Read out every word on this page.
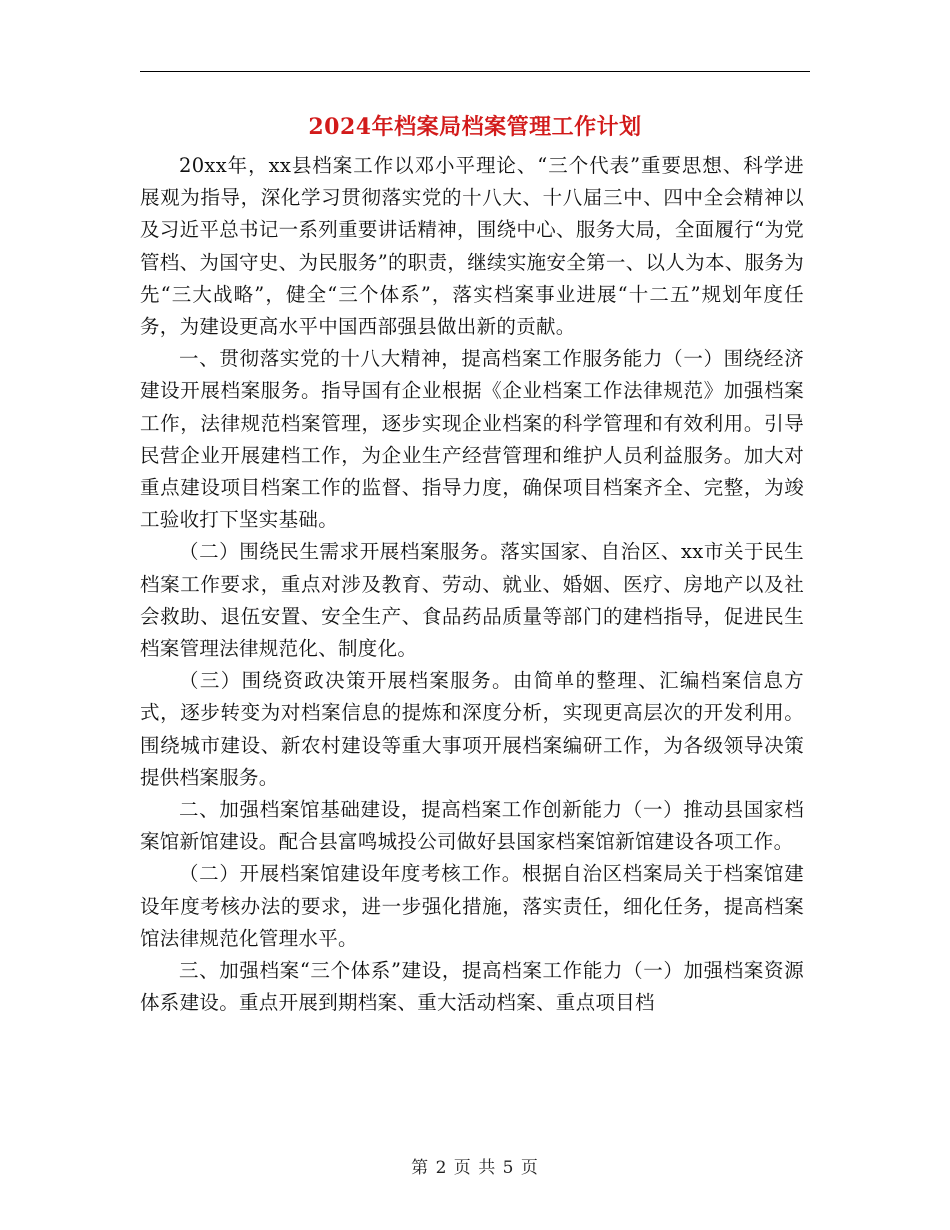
2024年档案局档案管理工作计划

20xx年，xx县档案工作以邓小平理论、“三个代表”重要思想、科学进展观为指导，深化学习贯彻落实党的十八大、十八届三中、四中全会精神以及习近平总书记一系列重要讲话精神，围绕中心、服务大局，全面履行“为党管档、为国守史、为民服务”的职责，继续实施安全第一、以人为本、服务为先“三大战略”，健全“三个体系”，落实档案事业进展“十二五”规划年度任务，为建设更高水平中国西部强县做出新的贡献。

一、贯彻落实党的十八大精神，提高档案工作服务能力（一）围绕经济建设开展档案服务。指导国有企业根据《企业档案工作法律规范》加强档案工作，法律规范档案管理，逐步实现企业档案的科学管理和有效利用。引导民营企业开展建档工作，为企业生产经营管理和维护人员利益服务。加大对重点建设项目档案工作的监督、指导力度，确保项目档案齐全、完整，为竣工验收打下坚实基础。

（二）围绕民生需求开展档案服务。落实国家、自治区、xx市关于民生档案工作要求，重点对涉及教育、劳动、就业、婚姻、医疗、房地产以及社会救助、退伍安置、安全生产、食品药品质量等部门的建档指导，促进民生档案管理法律规范化、制度化。

（三）围绕资政决策开展档案服务。由简单的整理、汇编档案信息方式，逐步转变为对档案信息的提炼和深度分析，实现更高层次的开发利用。围绕城市建设、新农村建设等重大事项开展档案编研工作，为各级领导决策提供档案服务。

二、加强档案馆基础建设，提高档案工作创新能力（一）推动县国家档案馆新馆建设。配合县富鸣城投公司做好县国家档案馆新馆建设各项工作。

（二）开展档案馆建设年度考核工作。根据自治区档案局关于档案馆建设年度考核办法的要求，进一步强化措施，落实责任，细化任务，提高档案馆法律规范化管理水平。

三、加强档案“三个体系”建设，提高档案工作能力（一）加强档案资源体系建设。重点开展到期档案、重大活动档案、重点项目档

第 2 页 共 5 页
